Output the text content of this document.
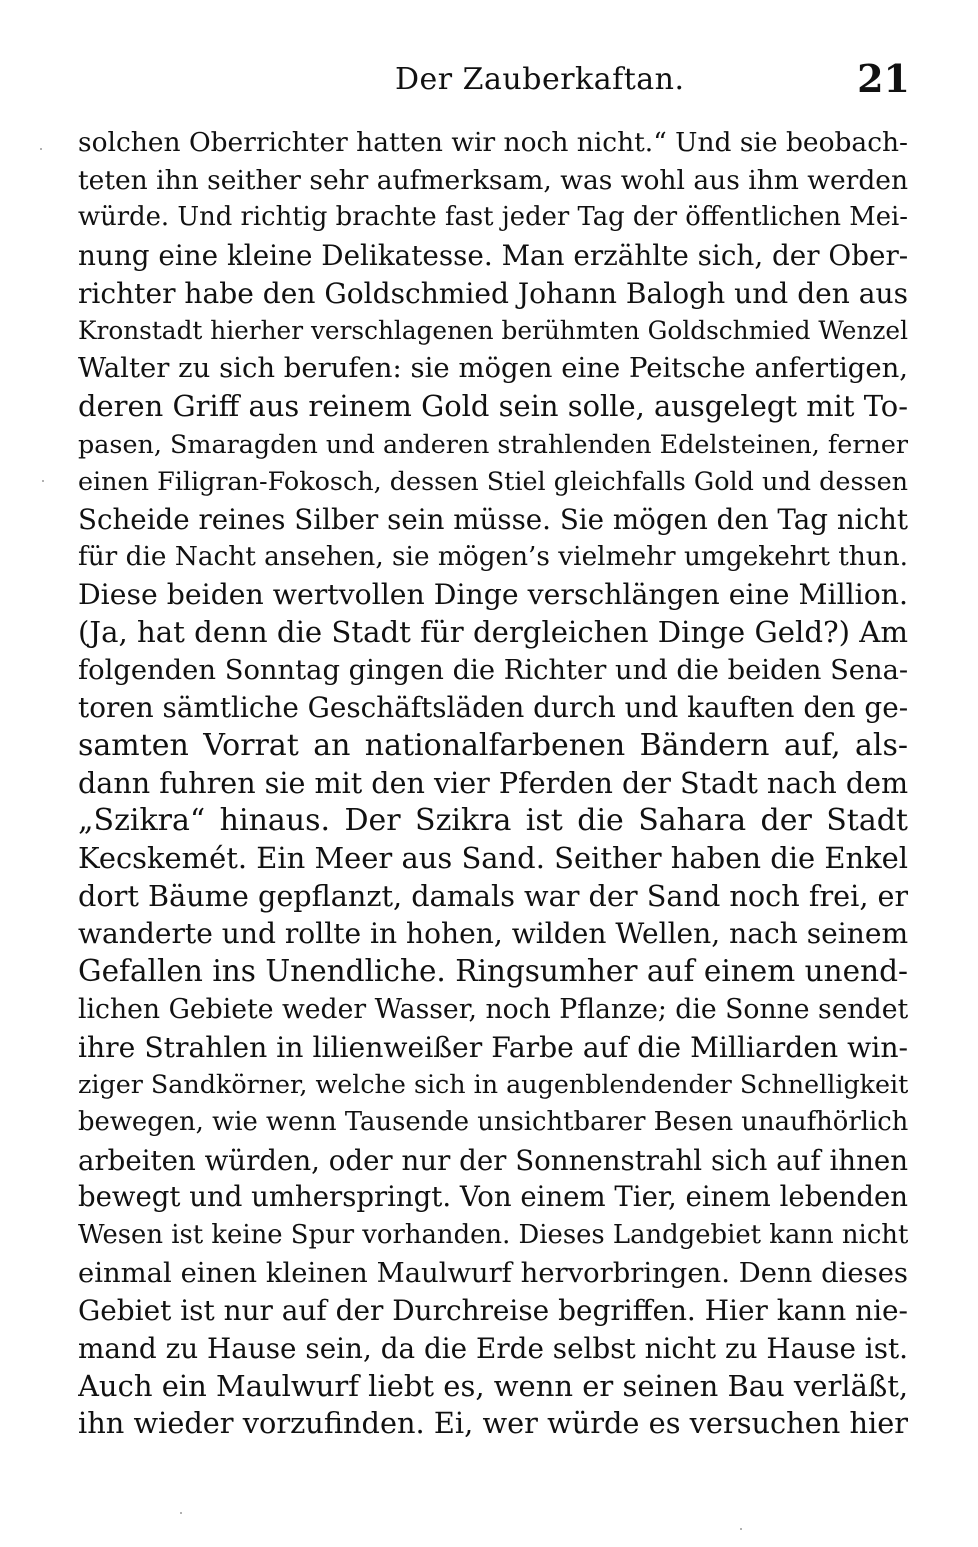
Der Zauberkaftan.	21
solchen Oberrichter hatten wir noch nicht.“ Und sie beobach-
teten ihn seither sehr aufmerksam, was wohl aus ihm werden
würde. Und richtig brachte fast jeder Tag der öffentlichen Mei-
nung eine kleine Delikatesse. Man erzählte sich, der Ober-
richter habe den Goldschmied Johann Balogh und den aus
Kronstadt hierher verschlagenen berühmten Goldschmied Wenzel
Walter zu sich berufen: sie mögen eine Peitsche anfertigen,
deren Griff aus reinem Gold sein solle, ausgelegt mit To-
pasen, Smaragden und anderen strahlenden Edelsteinen, ferner
einen Filigran-Fokosch, dessen Stiel gleichfalls Gold und dessen
Scheide reines Silber sein müsse. Sie mögen den Tag nicht
für die Nacht ansehen, sie mögen’s vielmehr umgekehrt thun.
Diese beiden wertvollen Dinge verschlängen eine Million.
(Ja, hat denn die Stadt für dergleichen Dinge Geld?) Am
folgenden Sonntag gingen die Richter und die beiden Sena-
toren sämtliche Geschäftsläden durch und kauften den ge-
samten Vorrat an nationalfarbenen Bändern auf, als-
dann fuhren sie mit den vier Pferden der Stadt nach dem
„Szikra“ hinaus. Der Szikra ist die Sahara der Stadt
Kecskemét. Ein Meer aus Sand. Seither haben die Enkel
dort Bäume gepflanzt, damals war der Sand noch frei, er
wanderte und rollte in hohen, wilden Wellen, nach seinem
Gefallen ins Unendliche. Ringsumher auf einem unend-
lichen Gebiete weder Wasser, noch Pflanze; die Sonne sendet
ihre Strahlen in lilienweißer Farbe auf die Milliarden win-
ziger Sandkörner, welche sich in augenblendender Schnelligkeit
bewegen, wie wenn Tausende unsichtbarer Besen unaufhörlich
arbeiten würden, oder nur der Sonnenstrahl sich auf ihnen
bewegt und umherspringt. Von einem Tier, einem lebenden
Wesen ist keine Spur vorhanden. Dieses Landgebiet kann nicht
einmal einen kleinen Maulwurf hervorbringen. Denn dieses
Gebiet ist nur auf der Durchreise begriffen. Hier kann nie-
mand zu Hause sein, da die Erde selbst nicht zu Hause ist.
Auch ein Maulwurf liebt es, wenn er seinen Bau verläßt,
ihn wieder vorzufinden. Ei, wer würde es versuchen hier
